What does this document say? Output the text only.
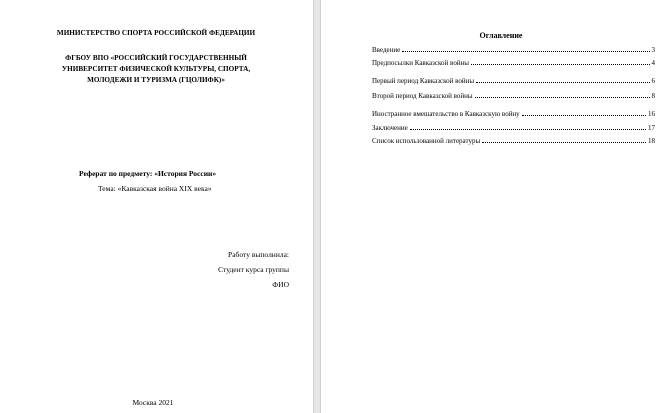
МИНИСТЕРСТВО СПОРТА РОССИЙСКОЙ ФЕДЕРАЦИИ
ФГБОУ ВПО «РОССИЙСКИЙ ГОСУДАРСТВЕННЫЙ УНИВЕРСИТЕТ ФИЗИЧЕСКОЙ КУЛЬТУРЫ, СПОРТА, МОЛОДЕЖИ И ТУРИЗМА (ГЦОЛИФК)»
Реферат по предмету: «История России»
Тема: «Кавказская война XIX века»
Работу выполнила:
Студент курса группы
ФИО
Москва 2021
Оглавление
Введение	3
Предпосылки Кавказской войны	4
Первый период Кавказской войны	6
Второй период Кавказской войны	8
Иностранное вмешательство в Кавказскую войну	16
Заключение	17
Список использованной литературы	18
